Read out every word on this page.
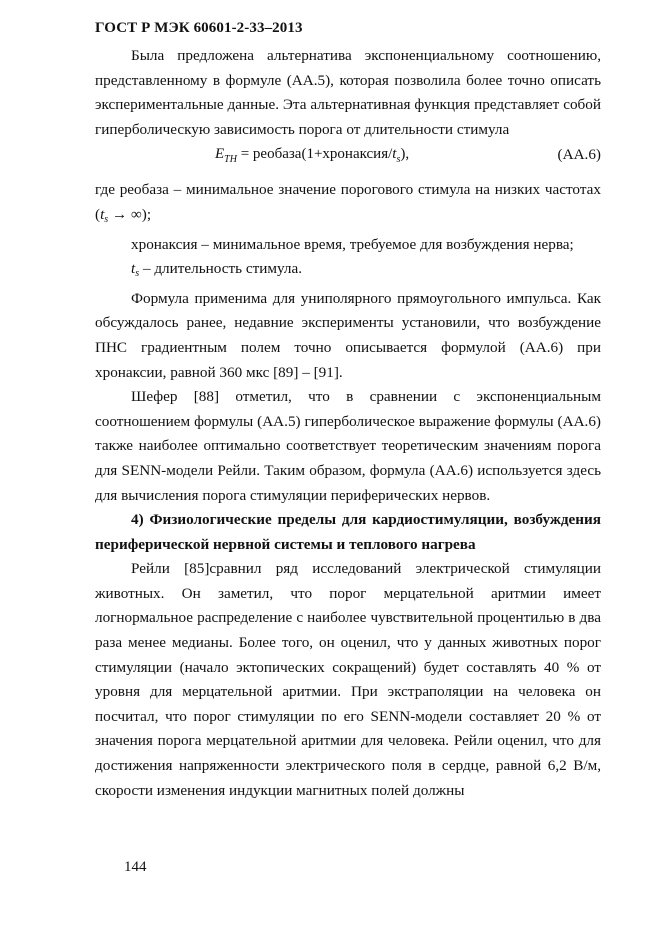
ГОСТ Р МЭК 60601-2-33–2013

Была предложена альтернатива экспоненциальному соотношению, представленному в формуле (АА.5), которая позволила более точно описать экспериментальные данные. Эта альтернативная функция представляет собой гиперболическую зависимость порога от длительности стимула

$E_{TH}$ = $реобаза(1+хронаксия/t_s)$,	(АА.6)

где реобаза – минимальное значение порогового стимула на низких частотах ($t_s$ → ∞);

хронаксия – минимальное время, требуемое для возбуждения нерва;

$t_s$ – длительность стимула.

Формула применима для униполярного прямоугольного импульса. Как обсуждалось ранее, недавние эксперименты установили, что возбуждение ПНС градиентным полем точно описывается формулой (АА.6) при хронаксии, равной 360 мкс [89] – [91].

Шефер [88] отметил, что в сравнении с экспоненциальным соотношением формулы (АА.5) гиперболическое выражение формулы (АА.6) также наиболее оптимально соответствует теоретическим значениям порога для SENN-модели Рейли. Таким образом, формула (АА.6) используется здесь для вычисления порога стимуляции периферических нервов.

4) Физиологические пределы для кардиостимуляции, возбуждения периферической нервной системы и теплового нагрева

Рейли [85]сравнил ряд исследований электрической стимуляции животных. Он заметил, что порог мерцательной аритмии имеет логнормальное распределение с наиболее чувствительной процентилью в два раза менее медианы. Более того, он оценил, что у данных животных порог стимуляции (начало эктопических сокращений) будет составлять 40 % от уровня для мерцательной аритмии. При экстраполяции на человека он посчитал, что порог стимуляции по его SENN-модели составляет 20 % от значения порога мерцательной аритмии для человека. Рейли оценил, что для достижения напряженности электрического поля в сердце, равной 6,2 В/м, скорости изменения индукции магнитных полей должны

144
